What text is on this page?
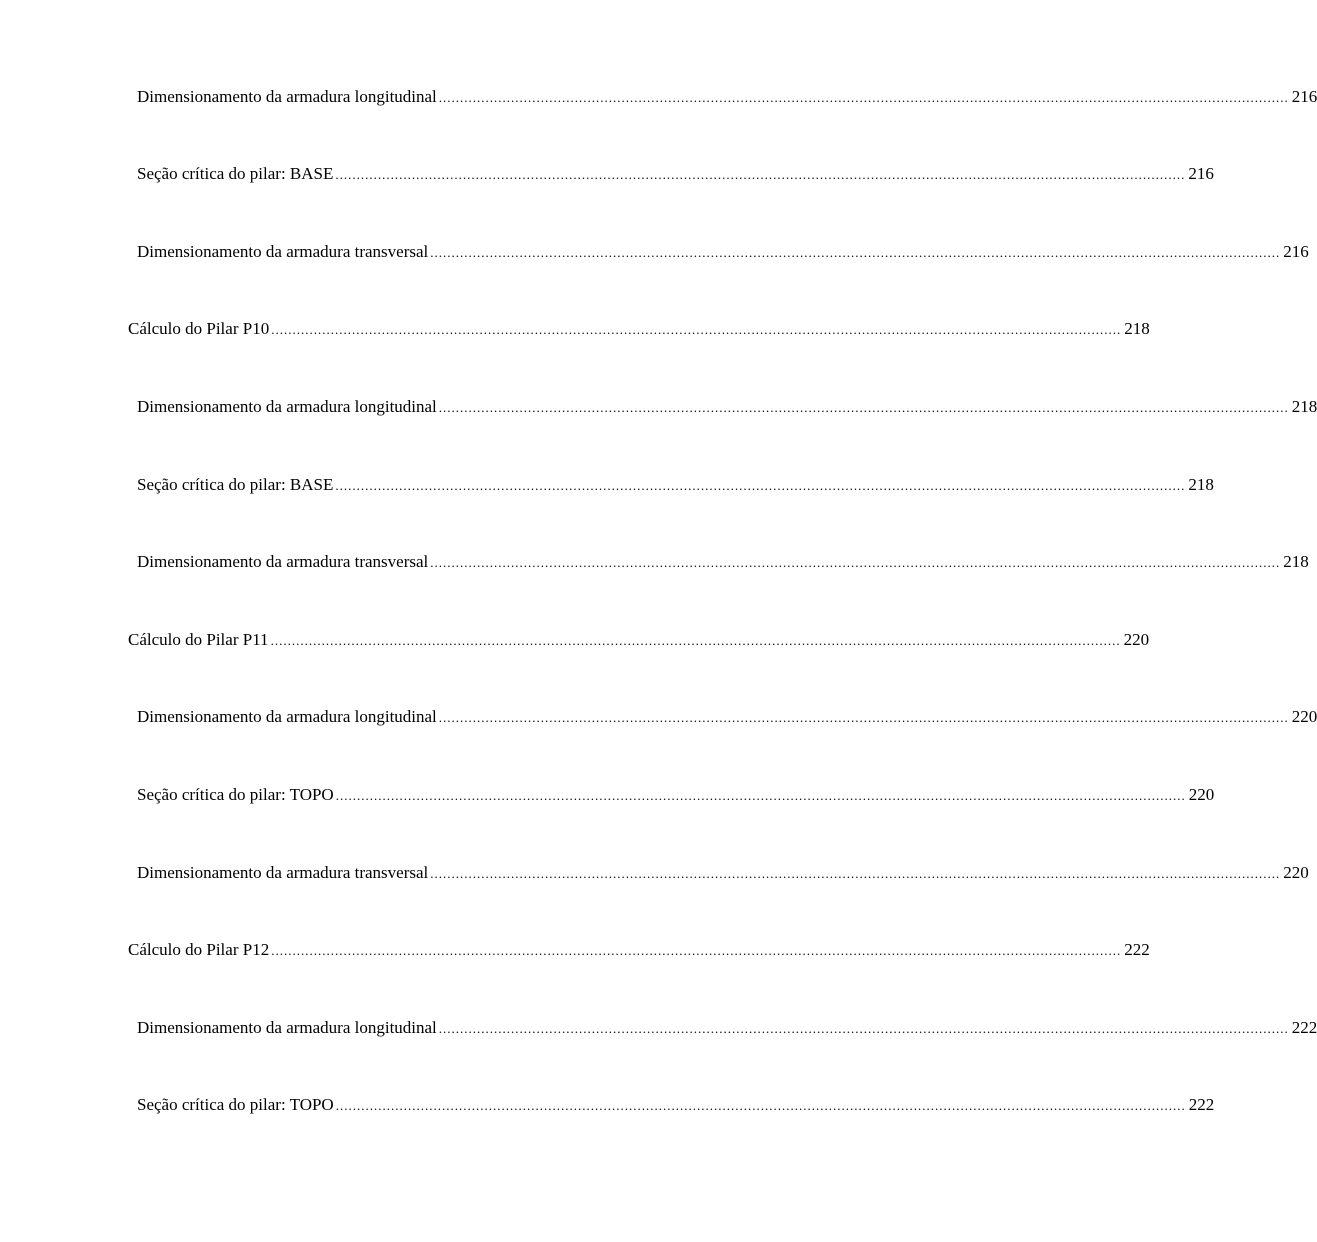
Dimensionamento da armadura longitudinal ........................................................................................................................................................................................................ 216
Seção crítica do pilar: BASE ........................................................................................................................................................................................................ 216
Dimensionamento da armadura transversal ........................................................................................................................................................................................................ 216
Cálculo do Pilar P10 ........................................................................................................................................................................................................ 218
Dimensionamento da armadura longitudinal ........................................................................................................................................................................................................ 218
Seção crítica do pilar: BASE ........................................................................................................................................................................................................ 218
Dimensionamento da armadura transversal ........................................................................................................................................................................................................ 218
Cálculo do Pilar P11 ........................................................................................................................................................................................................ 220
Dimensionamento da armadura longitudinal ........................................................................................................................................................................................................ 220
Seção crítica do pilar: TOPO ........................................................................................................................................................................................................ 220
Dimensionamento da armadura transversal ........................................................................................................................................................................................................ 220
Cálculo do Pilar P12 ........................................................................................................................................................................................................ 222
Dimensionamento da armadura longitudinal ........................................................................................................................................................................................................ 222
Seção crítica do pilar: TOPO ........................................................................................................................................................................................................ 222
